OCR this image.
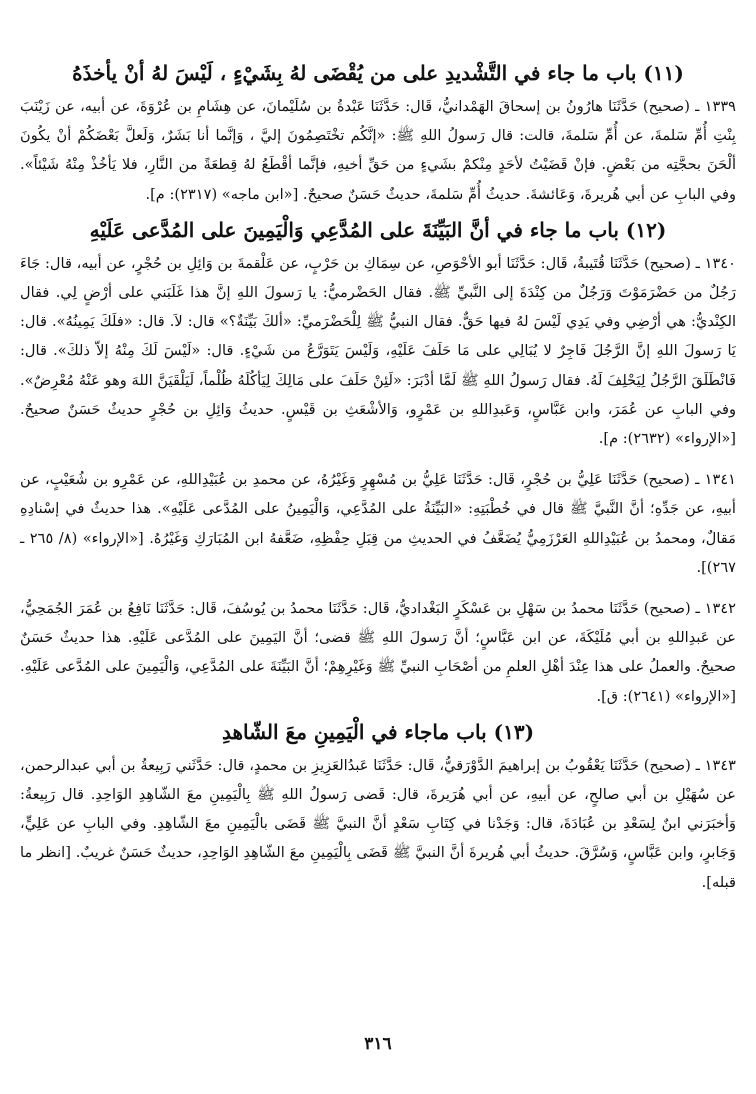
(١١) باب ما جاء في التَّشْديدِ على من يُقْضَى لهُ بِشَيْءٍ ، لَيْسَ لهُ أنْ يأخذَهُ

١٣٣٩ ـ (صحيح) حَدَّثَنَا هارُونُ بن إسحاقَ الهَمْدانيُّ، قَال: حَدَّثَنَا عَبْدةُ بن سُلَيْمانَ، عن هِشَامِ بن عُرْوَةَ، عن أبيه، عن زَيْنَبَ بِنْتِ أُمِّ سَلمةَ، عن أُمِّ سَلمةَ، قالت: قال رَسولُ اللهِ ﷺ: «إنَّكُم تخْتَصِمُونَ إليَّ ، وَإنَّما أنا بَشَرٌ، وَلَعلَّ بَعْضَكُمْ أنْ يكُونَ ألْحَنَ بحجَّتِه من بَعْضٍ. فإنْ قَضَيْتُ لأحَدٍ مِنْكمْ بشَيءٍ من حَقِّ أخيهِ، فإنَّما أقْطَعُ لهُ قِطعَةً من النَّارِ، فلا يَأخُذْ مِنْهُ شَيْئاً». وفي البابِ عن أبي هُريرةَ، وَعَائشةَ. حديثُ أُمِّ سَلمةَ، حديثٌ حَسَنٌ صحيحٌ. [«ابن ماجه» (٢٣١٧): م].

(١٢) باب ما جاء في أنَّ البَيِّنَةَ على المُدَّعِي وَالْيَمِينَ على المُدَّعى عَلَيْهِ

١٣٤٠ ـ (صحيح) حَدَّثَنَا قُتَيبةُ، قَال: حَدَّثَنَا أبو الأحْوَصِ، عن سِمَاكِ بن حَرْبٍ، عن عَلْقمةَ بن وَائِلِ بن حُجْرٍ، عن أبيه، قال: جَاءَ رَجُلٌ من حَضْرَمَوْتَ وَرَجُلٌ من كِنْدَةَ إلى النَّبيِّ ﷺ. فقال الحَضْرميُّ: يا رَسولَ اللهِ إنَّ هذا غَلَبَني على أرْضٍ لِي. فقال الكِنْديُّ: هي أرْضِي وفي يَدِي لَيْسَ لهُ فيها حَقٌّ. فقال النبيُّ ﷺ لِلْحَضْرَميِّ: «ألكَ بَيِّنَةٌ؟» قال: لاَ. قال: «فلَكَ يَمِينُهُ». قال: يَا رَسولَ اللهِ إنَّ الرَّجُلَ فَاجِرٌ لا يُبَالِي على مَا حَلَفَ عَلَيْهِ، وَلَيْسَ يَتَوَرَّعُ من شَيْءٍ. قال: «لَيْسَ لَكَ مِنْهُ إلاّ ذلكَ». قال: فَانْطَلَقَ الرَّجُلُ لِيَحْلِفَ لَهُ. فقال رَسولُ اللهِ ﷺ لَمَّا أدْبَرَ: «لَئِنْ حَلَفَ على مَالِكَ لِيَأكُلَهُ ظُلْماً، لَيَلْقَيَنَّ اللهَ وهو عَنْهُ مُعْرِضٌ». وفي البابِ عن عُمَرَ، وابن عَبَّاسٍ، وَعَبدِاللهِ بن عَمْرٍو، وَالأشْعَثِ بن قَيْسٍ. حديثُ وَائِلِ بن حُجْرٍ حديثٌ حَسَنٌ صحيحٌ. [«الإرواء» (٢٦٣٢): م].

١٣٤١ ـ (صحيح) حَدَّثَنَا عَلِيُّ بن حُجْرٍ، قَال: حَدَّثَنَا عَلِيُّ بن مُسْهِرٍ وَغَيْرُهُ، عن محمدِ بن عُبَيْدِاللهِ، عن عَمْرِو بن شُعَيْبٍ، عن أبيهِ، عن جَدِّهِ؛ أنَّ النَّبيَّ ﷺ قال في خُطْبَتِهِ: «البَيِّنَةُ على المُدَّعِي، وَالْيَمِينُ على المُدَّعى عَلَيْهِ». هذا حديثٌ في إسْنادِهِ مَقالٌ، ومحمدُ بن عُبَيْدِاللهِ العَرْزَمِيُّ يُضَعَّفُ في الحديثِ من قِبَلِ حِفْظِهِ، ضَعَّفهُ ابن المُبَارَكِ وَغَيْرُهُ. [«الإرواء» (٨/ ٢٦٥ ـ ٢٦٧)].

١٣٤٢ ـ (صحيح) حَدَّثَنَا محمدُ بن سَهْلِ بن عَسْكَرٍ البَغْداديُّ، قَال: حَدَّثَنَا محمدُ بن يُوسُفَ، قَال: حَدَّثَنَا نَافِعُ بن عُمَرَ الجُمَحِيُّ، عن عَبدِاللهِ بن أبي مُلَيْكَةَ، عن ابن عَبَّاسٍ؛ أنَّ رَسولَ اللهِ ﷺ قضى؛ أنَّ اليَمِينَ على المُدَّعى عَلَيْهِ. هذا حديثٌ حَسَنٌ صحيحٌ. والعملُ على هذا عِنْدَ أهْلِ العلمِ من أصْحَابِ النبيِّ ﷺ وَغَيْرِهِمْ؛ أنَّ البَيِّنَةَ على المُدَّعِي، وَالْيَمِينَ على المُدَّعى عَلَيْهِ. [«الإرواء» (٢٦٤١): ق].

(١٣) باب ماجاء في الْيَمِينِ معَ الشّاهدِ

١٣٤٣ ـ (صحيح) حَدَّثَنَا يَعْقُوبُ بن إبراهيمَ الدَّوْرَقيُّ، قَال: حَدَّثَنَا عَبدُالعَزِيزِ بن محمدٍ، قال: حَدَّثَني رَبِيعةُ بن أبي عبدالرحمن، عن سُهَيْلِ بن أبي صالحٍ، عن أبيهِ، عن أبي هُرَيرةَ، قال: قَضى رَسولُ اللهِ ﷺ بِالْيَمِينِ معَ الشّاهِدِ الوَاحِدِ. قال رَبِيعةُ: وَأخبَرَني ابنٌ لِسَعْدِ بن عُبَادَةَ، قال: وَجَدْنا في كِتَابِ سَعْدٍ أنَّ النبيَّ ﷺ قَضَى بالْيَمِينِ معَ الشّاهِدِ. وفي البابِ عن عَلِيٍّ، وَجَابرٍ، وابن عَبَّاسٍ، وَسُرَّقَ. حديثُ أبي هُريرةَ أنَّ النبيَّ ﷺ قَضَى بِالْيَمِينِ معَ الشّاهِدِ الوَاحِدِ، حديثٌ حَسَنٌ غريبٌ. [انظر ما قبله].

٣١٦
